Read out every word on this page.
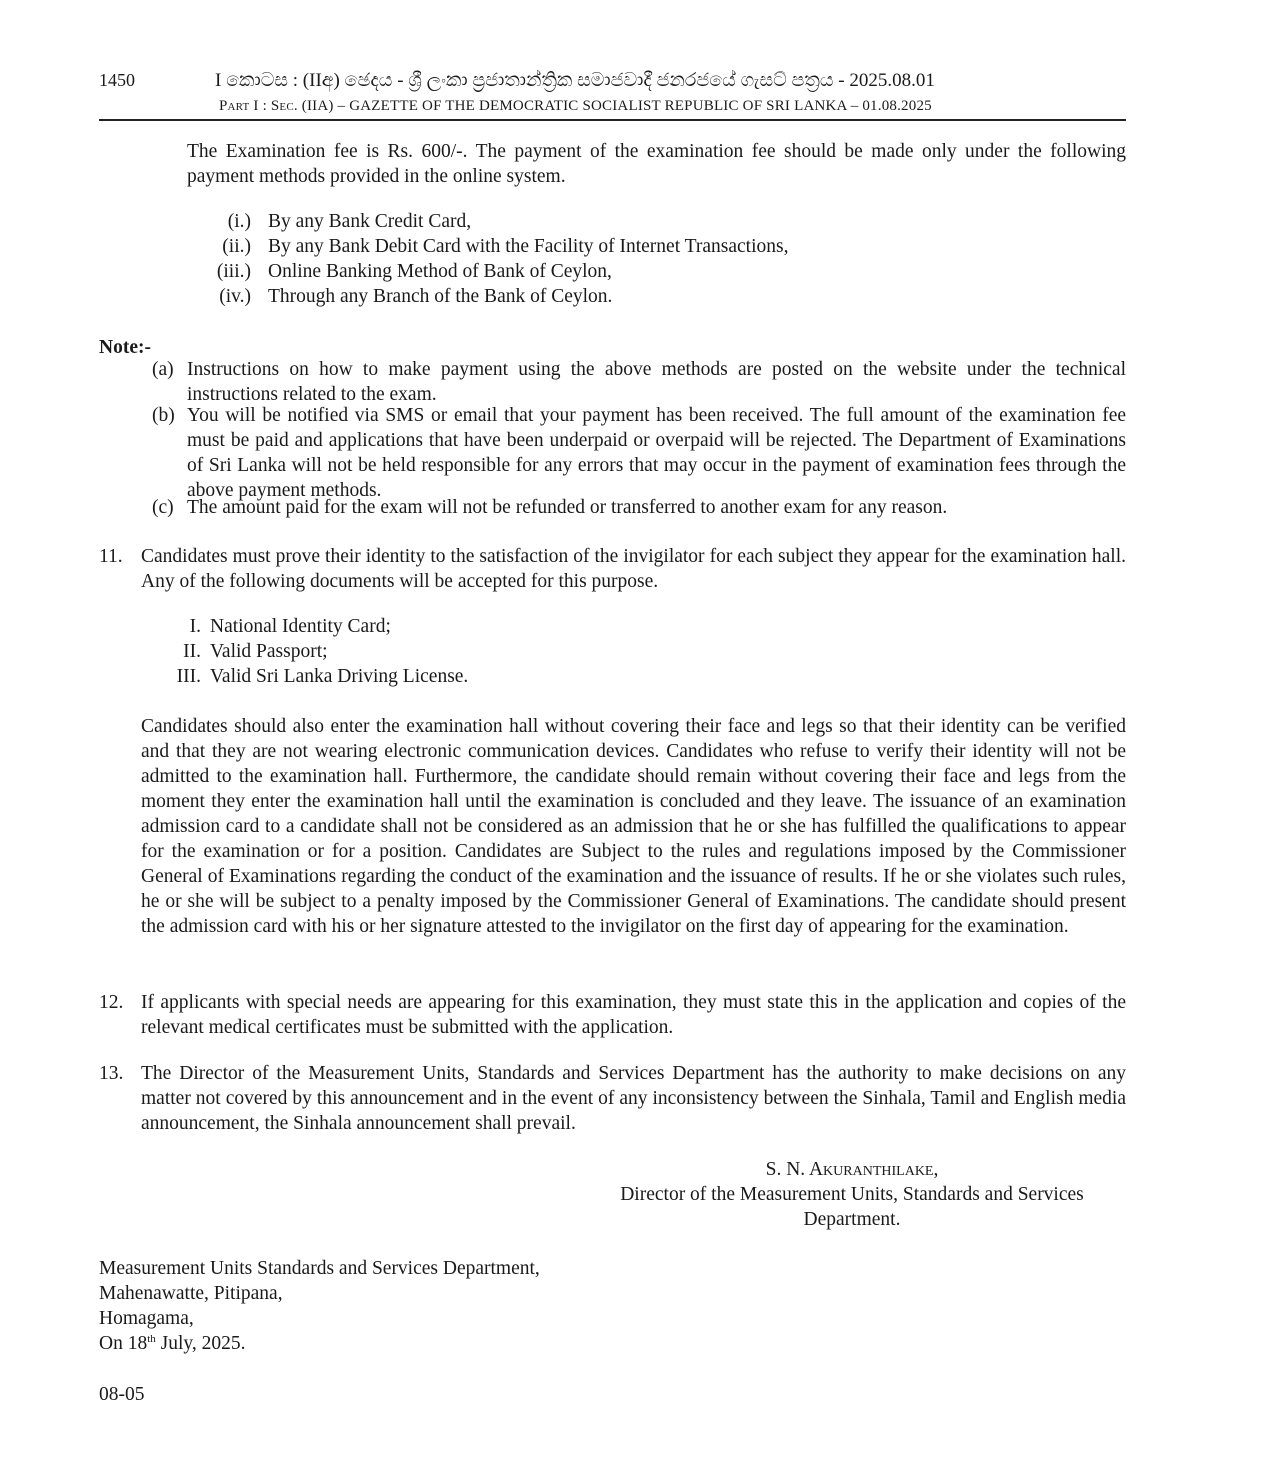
1450	I කොටස : (IIඅ) ඡෙදය - ශ්‍රී ලංකා ප්‍රජාතාන්ත්‍රික සමාජවාදී ජනරජයේ ගැසට් පත්‍රය - 2025.08.01
Part I : Sec. (IIA) – GAZETTE OF THE DEMOCRATIC SOCIALIST REPUBLIC OF SRI LANKA – 01.08.2025
The Examination fee is Rs. 600/-. The payment of the examination fee should be made only under the following payment methods provided in the online system.
(i.) By any Bank Credit Card,
(ii.) By any Bank Debit Card with the Facility of Internet Transactions,
(iii.) Online Banking Method of Bank of Ceylon,
(iv.) Through any Branch of the Bank of Ceylon.
Note:-
(a) Instructions on how to make payment using the above methods are posted on the website under the technical instructions related to the exam.
(b) You will be notified via SMS or email that your payment has been received. The full amount of the examination fee must be paid and applications that have been underpaid or overpaid will be rejected. The Department of Examinations of Sri Lanka will not be held responsible for any errors that may occur in the payment of examination fees through the above payment methods.
(c) The amount paid for the exam will not be refunded or transferred to another exam for any reason.
11. Candidates must prove their identity to the satisfaction of the invigilator for each subject they appear for the examination hall. Any of the following documents will be accepted for this purpose.
I. National Identity Card;
II. Valid Passport;
III. Valid Sri Lanka Driving License.
Candidates should also enter the examination hall without covering their face and legs so that their identity can be verified and that they are not wearing electronic communication devices. Candidates who refuse to verify their identity will not be admitted to the examination hall. Furthermore, the candidate should remain without covering their face and legs from the moment they enter the examination hall until the examination is concluded and they leave. The issuance of an examination admission card to a candidate shall not be considered as an admission that he or she has fulfilled the qualifications to appear for the examination or for a position. Candidates are Subject to the rules and regulations imposed by the Commissioner General of Examinations regarding the conduct of the examination and the issuance of results. If he or she violates such rules, he or she will be subject to a penalty imposed by the Commissioner General of Examinations. The candidate should present the admission card with his or her signature attested to the invigilator on the first day of appearing for the examination.
12. If applicants with special needs are appearing for this examination, they must state this in the application and copies of the relevant medical certificates must be submitted with the application.
13. The Director of the Measurement Units, Standards and Services Department has the authority to make decisions on any matter not covered by this announcement and in the event of any inconsistency between the Sinhala, Tamil and English media announcement, the Sinhala announcement shall prevail.
S. N. Akuranthilake,
Director of the Measurement Units, Standards and Services
Department.
Measurement Units Standards and Services Department,
Mahenawatte, Pitipana,
Homagama,
On 18th July, 2025.
08-05
